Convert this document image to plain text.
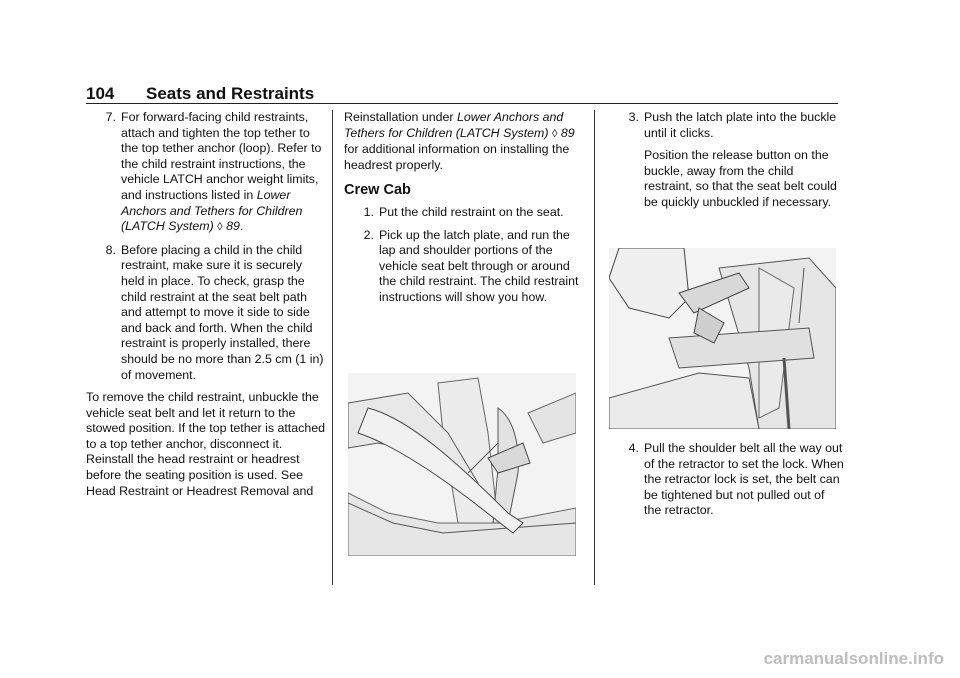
104 Seats and Restraints
7. For forward-facing child restraints, attach and tighten the top tether to the top tether anchor (loop). Refer to the child restraint instructions, the vehicle LATCH anchor weight limits, and instructions listed in Lower Anchors and Tethers for Children (LATCH System) ◊ 89.
8. Before placing a child in the child restraint, make sure it is securely held in place. To check, grasp the child restraint at the seat belt path and attempt to move it side to side and back and forth. When the child restraint is properly installed, there should be no more than 2.5 cm (1 in) of movement.

To remove the child restraint, unbuckle the vehicle seat belt and let it return to the stowed position. If the top tether is attached to a top tether anchor, disconnect it. Reinstall the head restraint or headrest before the seating position is used. See Head Restraint or Headrest Removal and

Reinstallation under Lower Anchors and Tethers for Children (LATCH System) ◊ 89 for additional information on installing the headrest properly.

Crew Cab
1. Put the child restraint on the seat.
2. Pick up the latch plate, and run the lap and shoulder portions of the vehicle seat belt through or around the child restraint. The child restraint instructions will show you how.
3. Push the latch plate into the buckle until it clicks.

Position the release button on the buckle, away from the child restraint, so that the seat belt could be quickly unbuckled if necessary.

4. Pull the shoulder belt all the way out of the retractor to set the lock. When the retractor lock is set, the belt can be tightened but not pulled out of the retractor.
carmanualsonline.info
